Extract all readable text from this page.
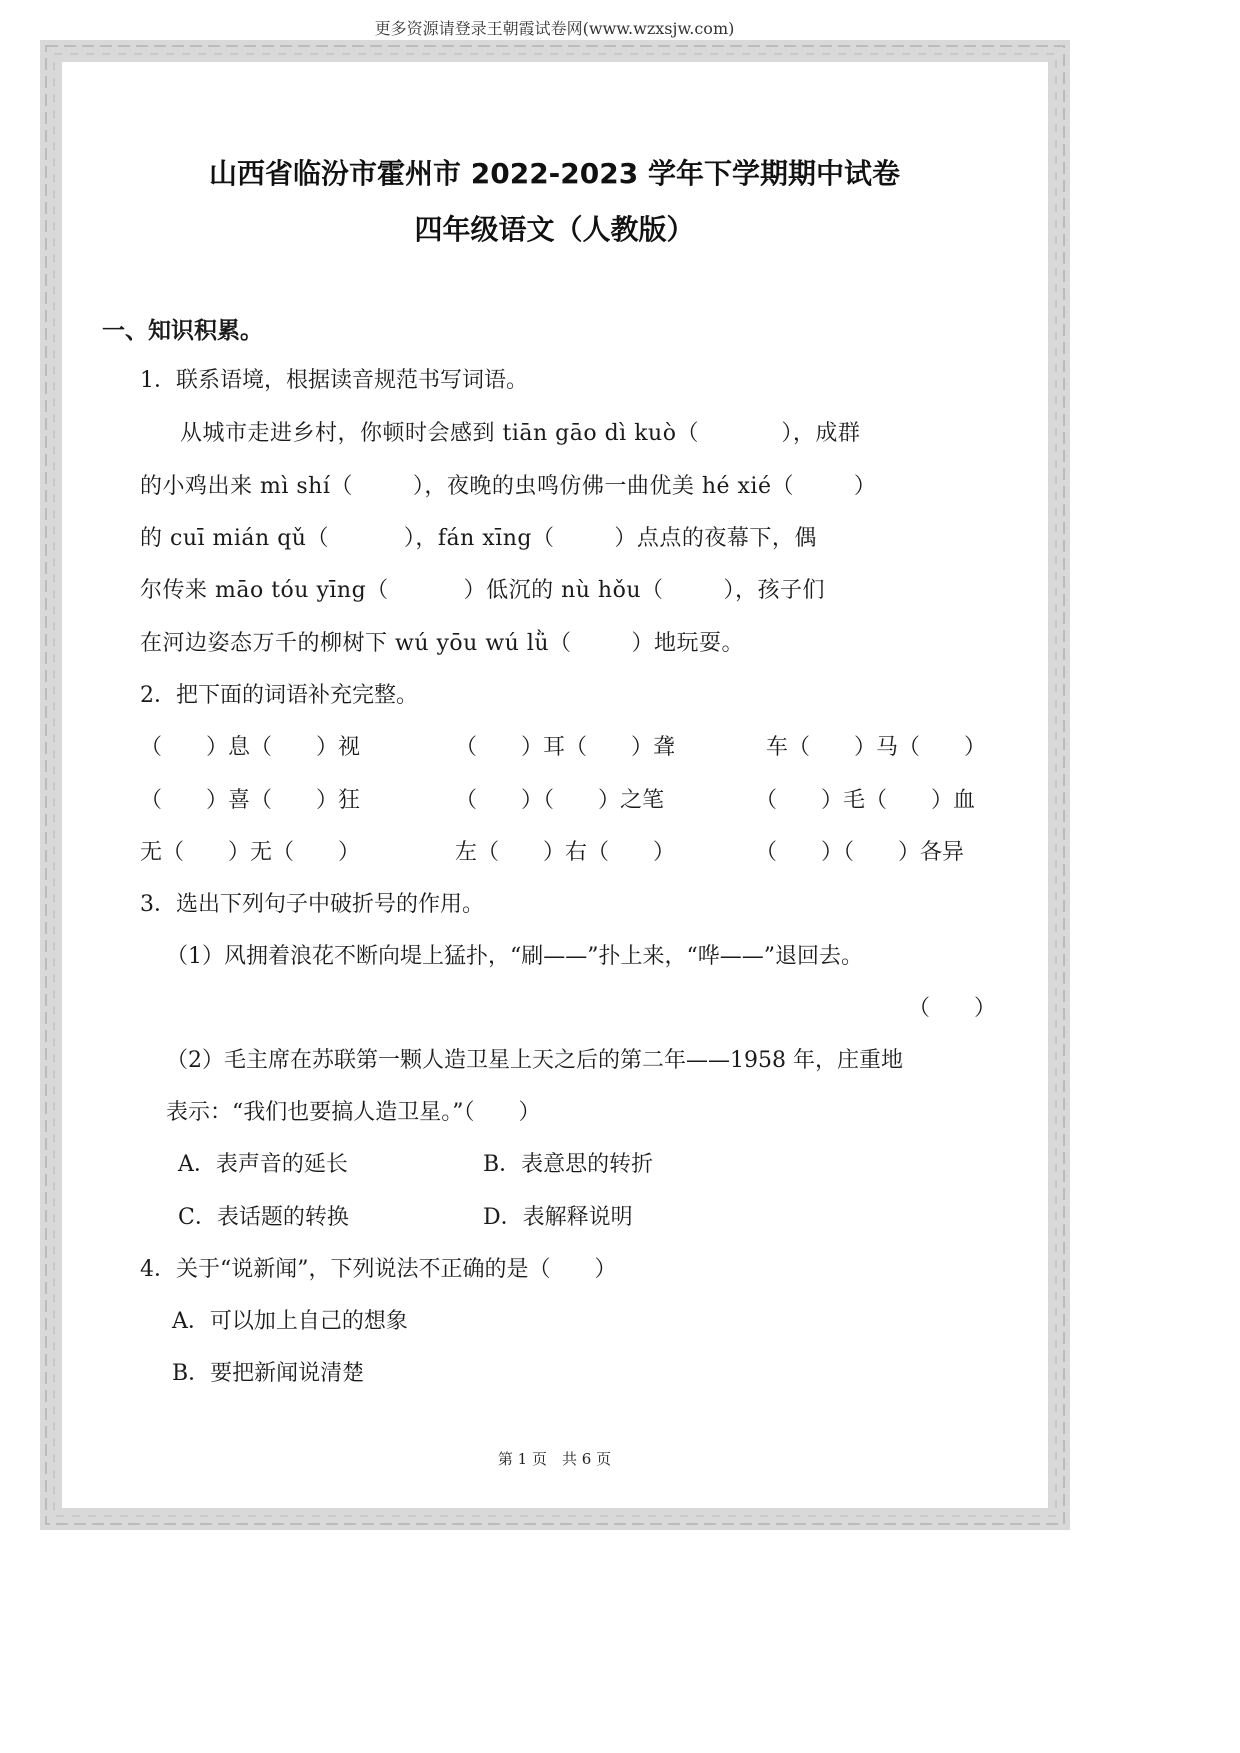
更多资源请登录王朝霞试卷网(www.wzxsjw.com)
山西省临汾市霍州市 2022-2023 学年下学期期中试卷
四年级语文（人教版）
一、知识积累。
1．联系语境，根据读音规范书写词语。
从城市走进乡村，你顿时会感到 tiān gāo dì kuò（           ），成群
的小鸡出来 mì shí（        ），夜晚的虫鸣仿佛一曲优美 hé xié（        ）
的 cuī mián qǔ（          ），fán xīng（        ）点点的夜幕下，偶
尔传来 māo tóu yīng（          ）低沉的 nù hǒu（        ），孩子们
在河边姿态万千的柳树下 wú yōu wú lǜ（        ）地玩耍。
2．把下面的词语补充完整。
（　　）息（　　）视	（　　）耳（　　）聋	车（　　）马（　　）
（　　）喜（　　）狂	（　　）（　　）之笔	（　　）毛（　　）血
无（　　）无（　　）	左（　　）右（　　）	（　　）（　　）各异
3．选出下列句子中破折号的作用。
（1）风拥着浪花不断向堤上猛扑，“刷——”扑上来，“哗——”退回去。
（　　）
（2）毛主席在苏联第一颗人造卫星上天之后的第二年——1958 年，庄重地
表示：“我们也要搞人造卫星。”（　　）
A．表声音的延长	B．表意思的转折
C．表话题的转换	D．表解释说明
4．关于“说新闻”，下列说法不正确的是（　　）
A．可以加上自己的想象
B．要把新闻说清楚
第 1 页　共 6 页
